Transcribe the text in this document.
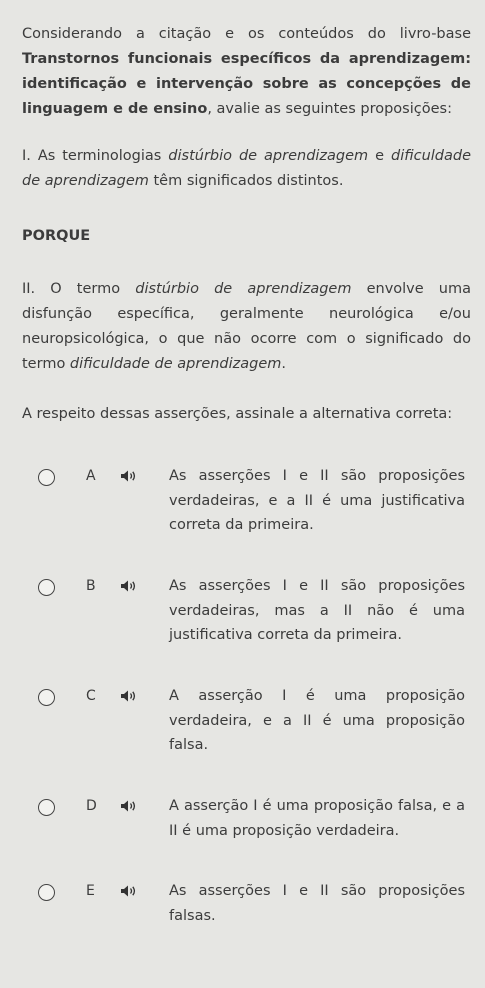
Considerando a citação e os conteúdos do livro-base Transtornos funcionais específicos da aprendizagem: identificação e intervenção sobre as concepções de linguagem e de ensino, avalie as seguintes proposições:

I. As terminologias distúrbio de aprendizagem e dificuldade de aprendizagem têm significados distintos.

PORQUE

II. O termo distúrbio de aprendizagem envolve uma disfunção específica, geralmente neurológica e/ou neuropsicológica, o que não ocorre com o significado do termo dificuldade de aprendizagem.

A respeito dessas asserções, assinale a alternativa correta:

A	As asserções I e II são proposições verdadeiras, e a II é uma justificativa correta da primeira.
B	As asserções I e II são proposições verdadeiras, mas a II não é uma justificativa correta da primeira.
C	A asserção I é uma proposição verdadeira, e a II é uma proposição falsa.
D	A asserção I é uma proposição falsa, e a II é uma proposição verdadeira.
E	As asserções I e II são proposições falsas.
